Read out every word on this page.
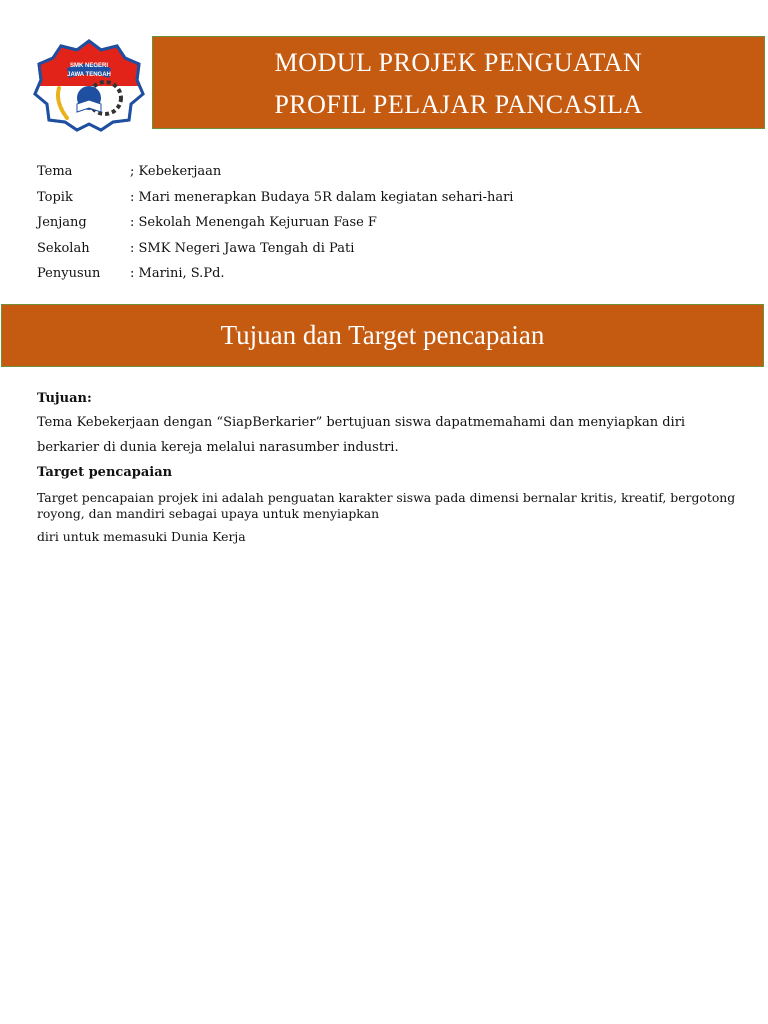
SMK NEGERI
JAWA TENGAH	MODUL PROJEK PENGUATAN
PROFIL PELAJAR PANCASILA
Tema	; Kebekerjaan
Topik	: Mari menerapkan Budaya 5R dalam kegiatan sehari-hari
Jenjang	: Sekolah Menengah Kejuruan Fase F
Sekolah	: SMK Negeri Jawa Tengah di Pati
Penyusun	: Marini, S.Pd.
Tujuan dan Target pencapaian
Tujuan:
Tema Kebekerjaan dengan “SiapBerkarier” bertujuan siswa dapatmemahami dan menyiapkan diri
berkarier di dunia kereja melalui narasumber industri.
Target pencapaian
Target pencapaian projek ini adalah penguatan karakter siswa pada dimensi bernalar kritis, kreatif, bergotong royong, dan mandiri sebagai upaya untuk menyiapkan
diri untuk memasuki Dunia Kerja
